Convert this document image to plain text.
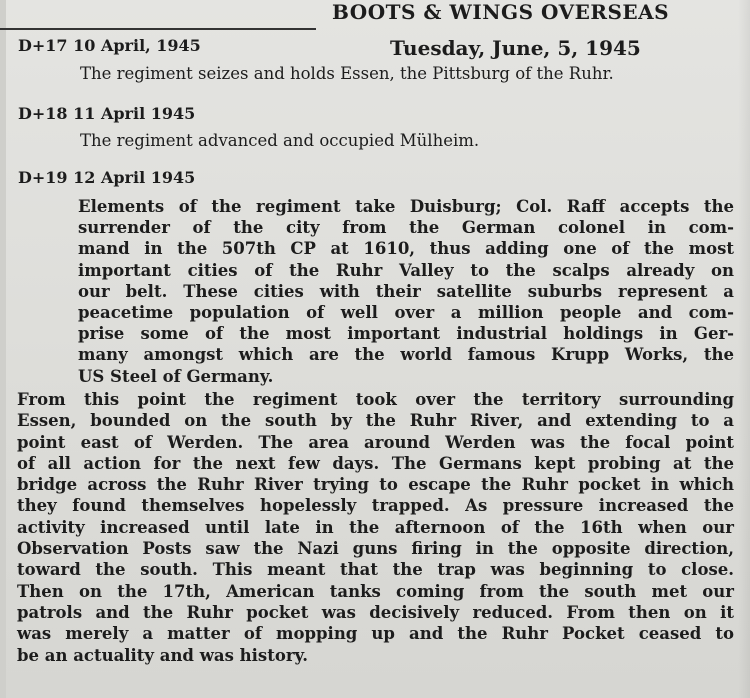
BOOTS & WINGS OVERSEAS
Tuesday, June, 5, 1945
D+17 10 April, 1945
The regiment seizes and holds Essen, the Pittsburg of the Ruhr.
D+18 11 April 1945
The regiment advanced and occupied Mülheim.
D+19 12 April 1945
Elements of the regiment take Duisburg; Col. Raff accepts the
surrender of the city from the German colonel in com-
mand in the 507th CP at 1610, thus adding one of the most
important cities of the Ruhr Valley to the scalps already on
our belt. These cities with their satellite suburbs represent a
peacetime population of well over a million people and com-
prise some of the most important industrial holdings in Ger-
many amongst which are the world famous Krupp Works, the
US Steel of Germany.
From this point the regiment took over the territory surrounding
Essen, bounded on the south by the Ruhr River, and extending to a
point east of Werden. The area around Werden was the focal point
of all action for the next few days. The Germans kept probing at the
bridge across the Ruhr River trying to escape the Ruhr pocket in which
they found themselves hopelessly trapped. As pressure increased the
activity increased until late in the afternoon of the 16th when our
Observation Posts saw the Nazi guns firing in the opposite direction,
toward the south. This meant that the trap was beginning to close.
Then on the 17th, American tanks coming from the south met our
patrols and the Ruhr pocket was decisively reduced. From then on it
was merely a matter of mopping up and the Ruhr Pocket ceased to
be an actuality and was history.
